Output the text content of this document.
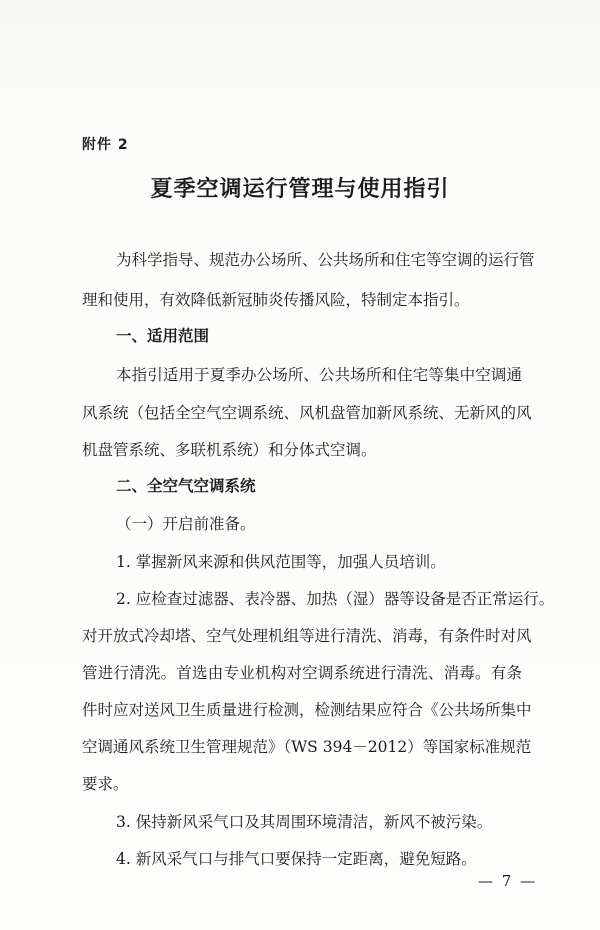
附件 2
夏季空调运行管理与使用指引
为科学指导、规范办公场所、公共场所和住宅等空调的运行管
理和使用，有效降低新冠肺炎传播风险，特制定本指引。
一、适用范围
本指引适用于夏季办公场所、公共场所和住宅等集中空调通
风系统（包括全空气空调系统、风机盘管加新风系统、无新风的风
机盘管系统、多联机系统）和分体式空调。
二、全空气空调系统
（一）开启前准备。
1. 掌握新风来源和供风范围等，加强人员培训。
2. 应检查过滤器、表冷器、加热（湿）器等设备是否正常运行。
对开放式冷却塔、空气处理机组等进行清洗、消毒，有条件时对风
管进行清洗。首选由专业机构对空调系统进行清洗、消毒。有条
件时应对送风卫生质量进行检测，检测结果应符合《公共场所集中
空调通风系统卫生管理规范》（WS 394－2012）等国家标准规范
要求。
3. 保持新风采气口及其周围环境清洁，新风不被污染。
4. 新风采气口与排气口要保持一定距离，避免短路。
— 7 —
